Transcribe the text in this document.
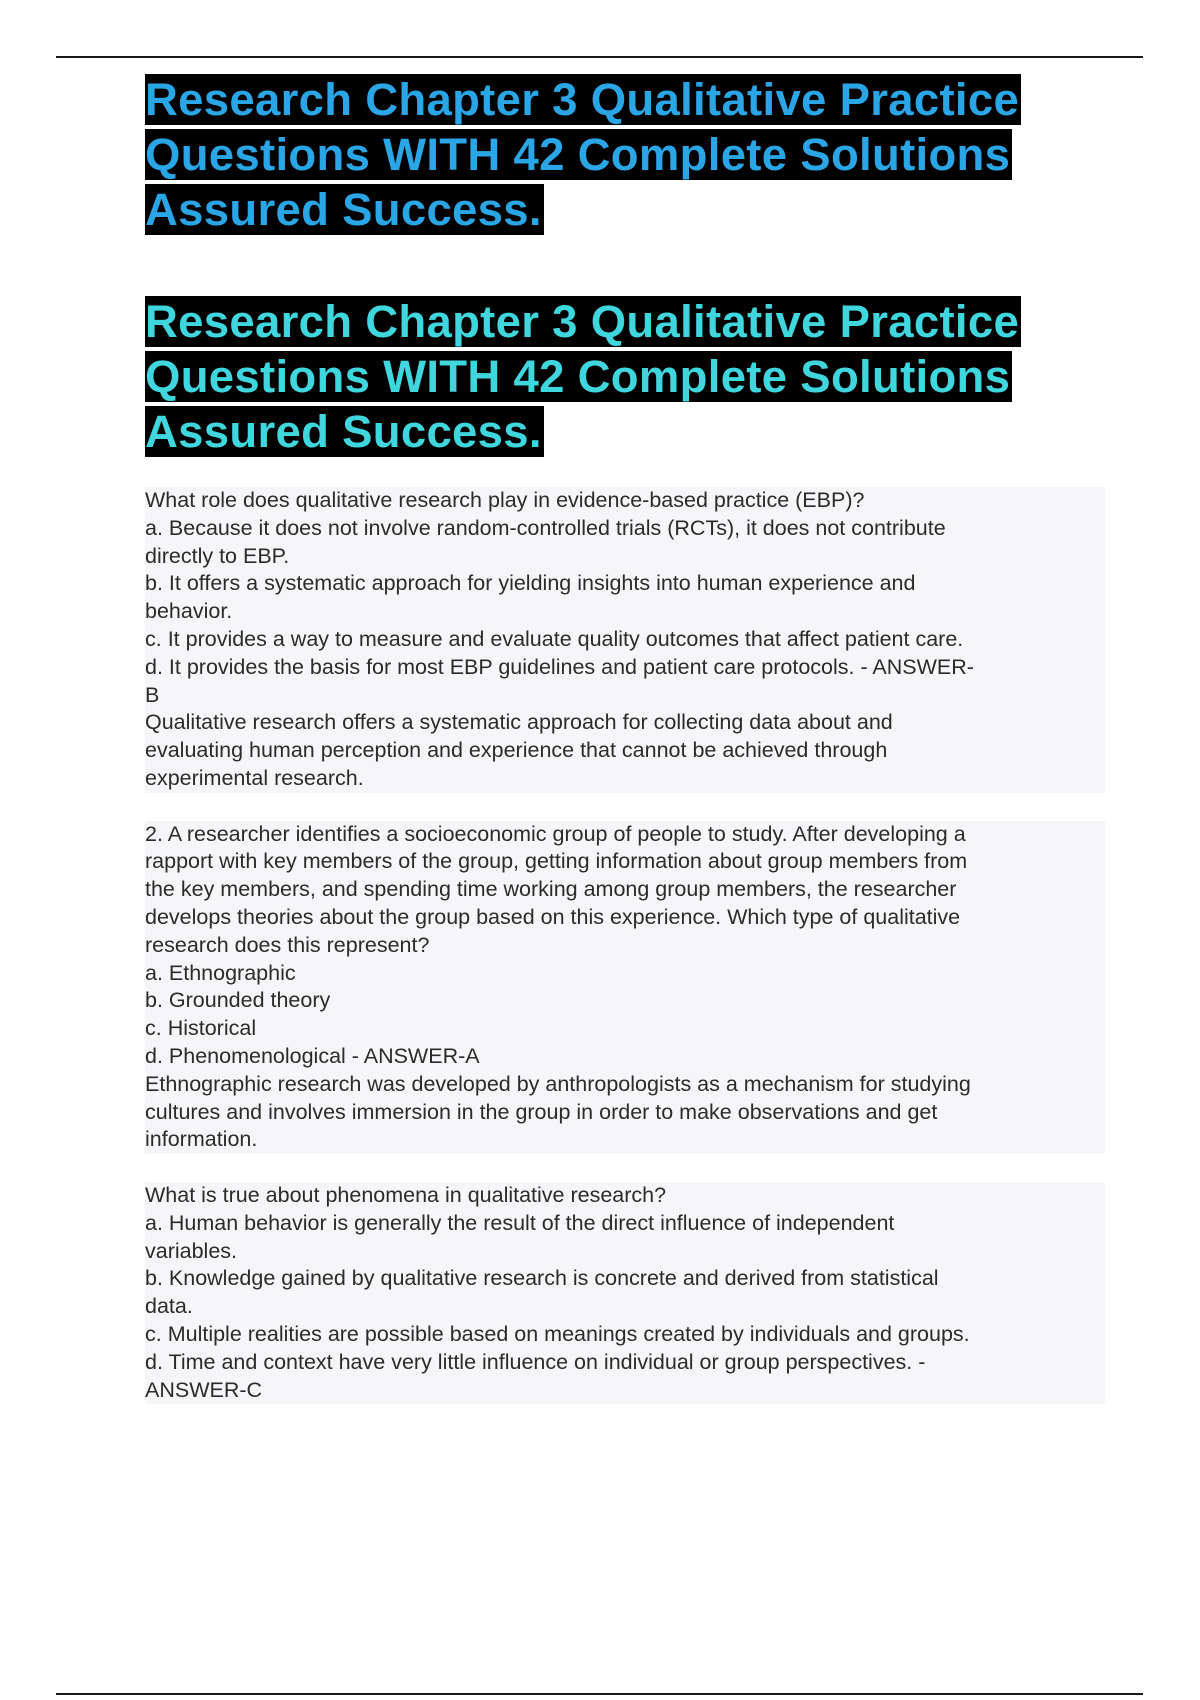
Research Chapter 3 Qualitative Practice Questions WITH 42 Complete Solutions Assured Success.
Research Chapter 3 Qualitative Practice Questions WITH 42 Complete Solutions Assured Success.
What role does qualitative research play in evidence-based practice (EBP)?
a. Because it does not involve random-controlled trials (RCTs), it does not contribute
directly to EBP.
b. It offers a systematic approach for yielding insights into human experience and
behavior.
c. It provides a way to measure and evaluate quality outcomes that affect patient care.
d. It provides the basis for most EBP guidelines and patient care protocols. - ANSWER-
B
Qualitative research offers a systematic approach for collecting data about and
evaluating human perception and experience that cannot be achieved through
experimental research.
2. A researcher identifies a socioeconomic group of people to study. After developing a
rapport with key members of the group, getting information about group members from
the key members, and spending time working among group members, the researcher
develops theories about the group based on this experience. Which type of qualitative
research does this represent?
a. Ethnographic
b. Grounded theory
c. Historical
d. Phenomenological - ANSWER-A
Ethnographic research was developed by anthropologists as a mechanism for studying
cultures and involves immersion in the group in order to make observations and get
information.
What is true about phenomena in qualitative research?
a. Human behavior is generally the result of the direct influence of independent
variables.
b. Knowledge gained by qualitative research is concrete and derived from statistical
data.
c. Multiple realities are possible based on meanings created by individuals and groups.
d. Time and context have very little influence on individual or group perspectives. -
ANSWER-C
